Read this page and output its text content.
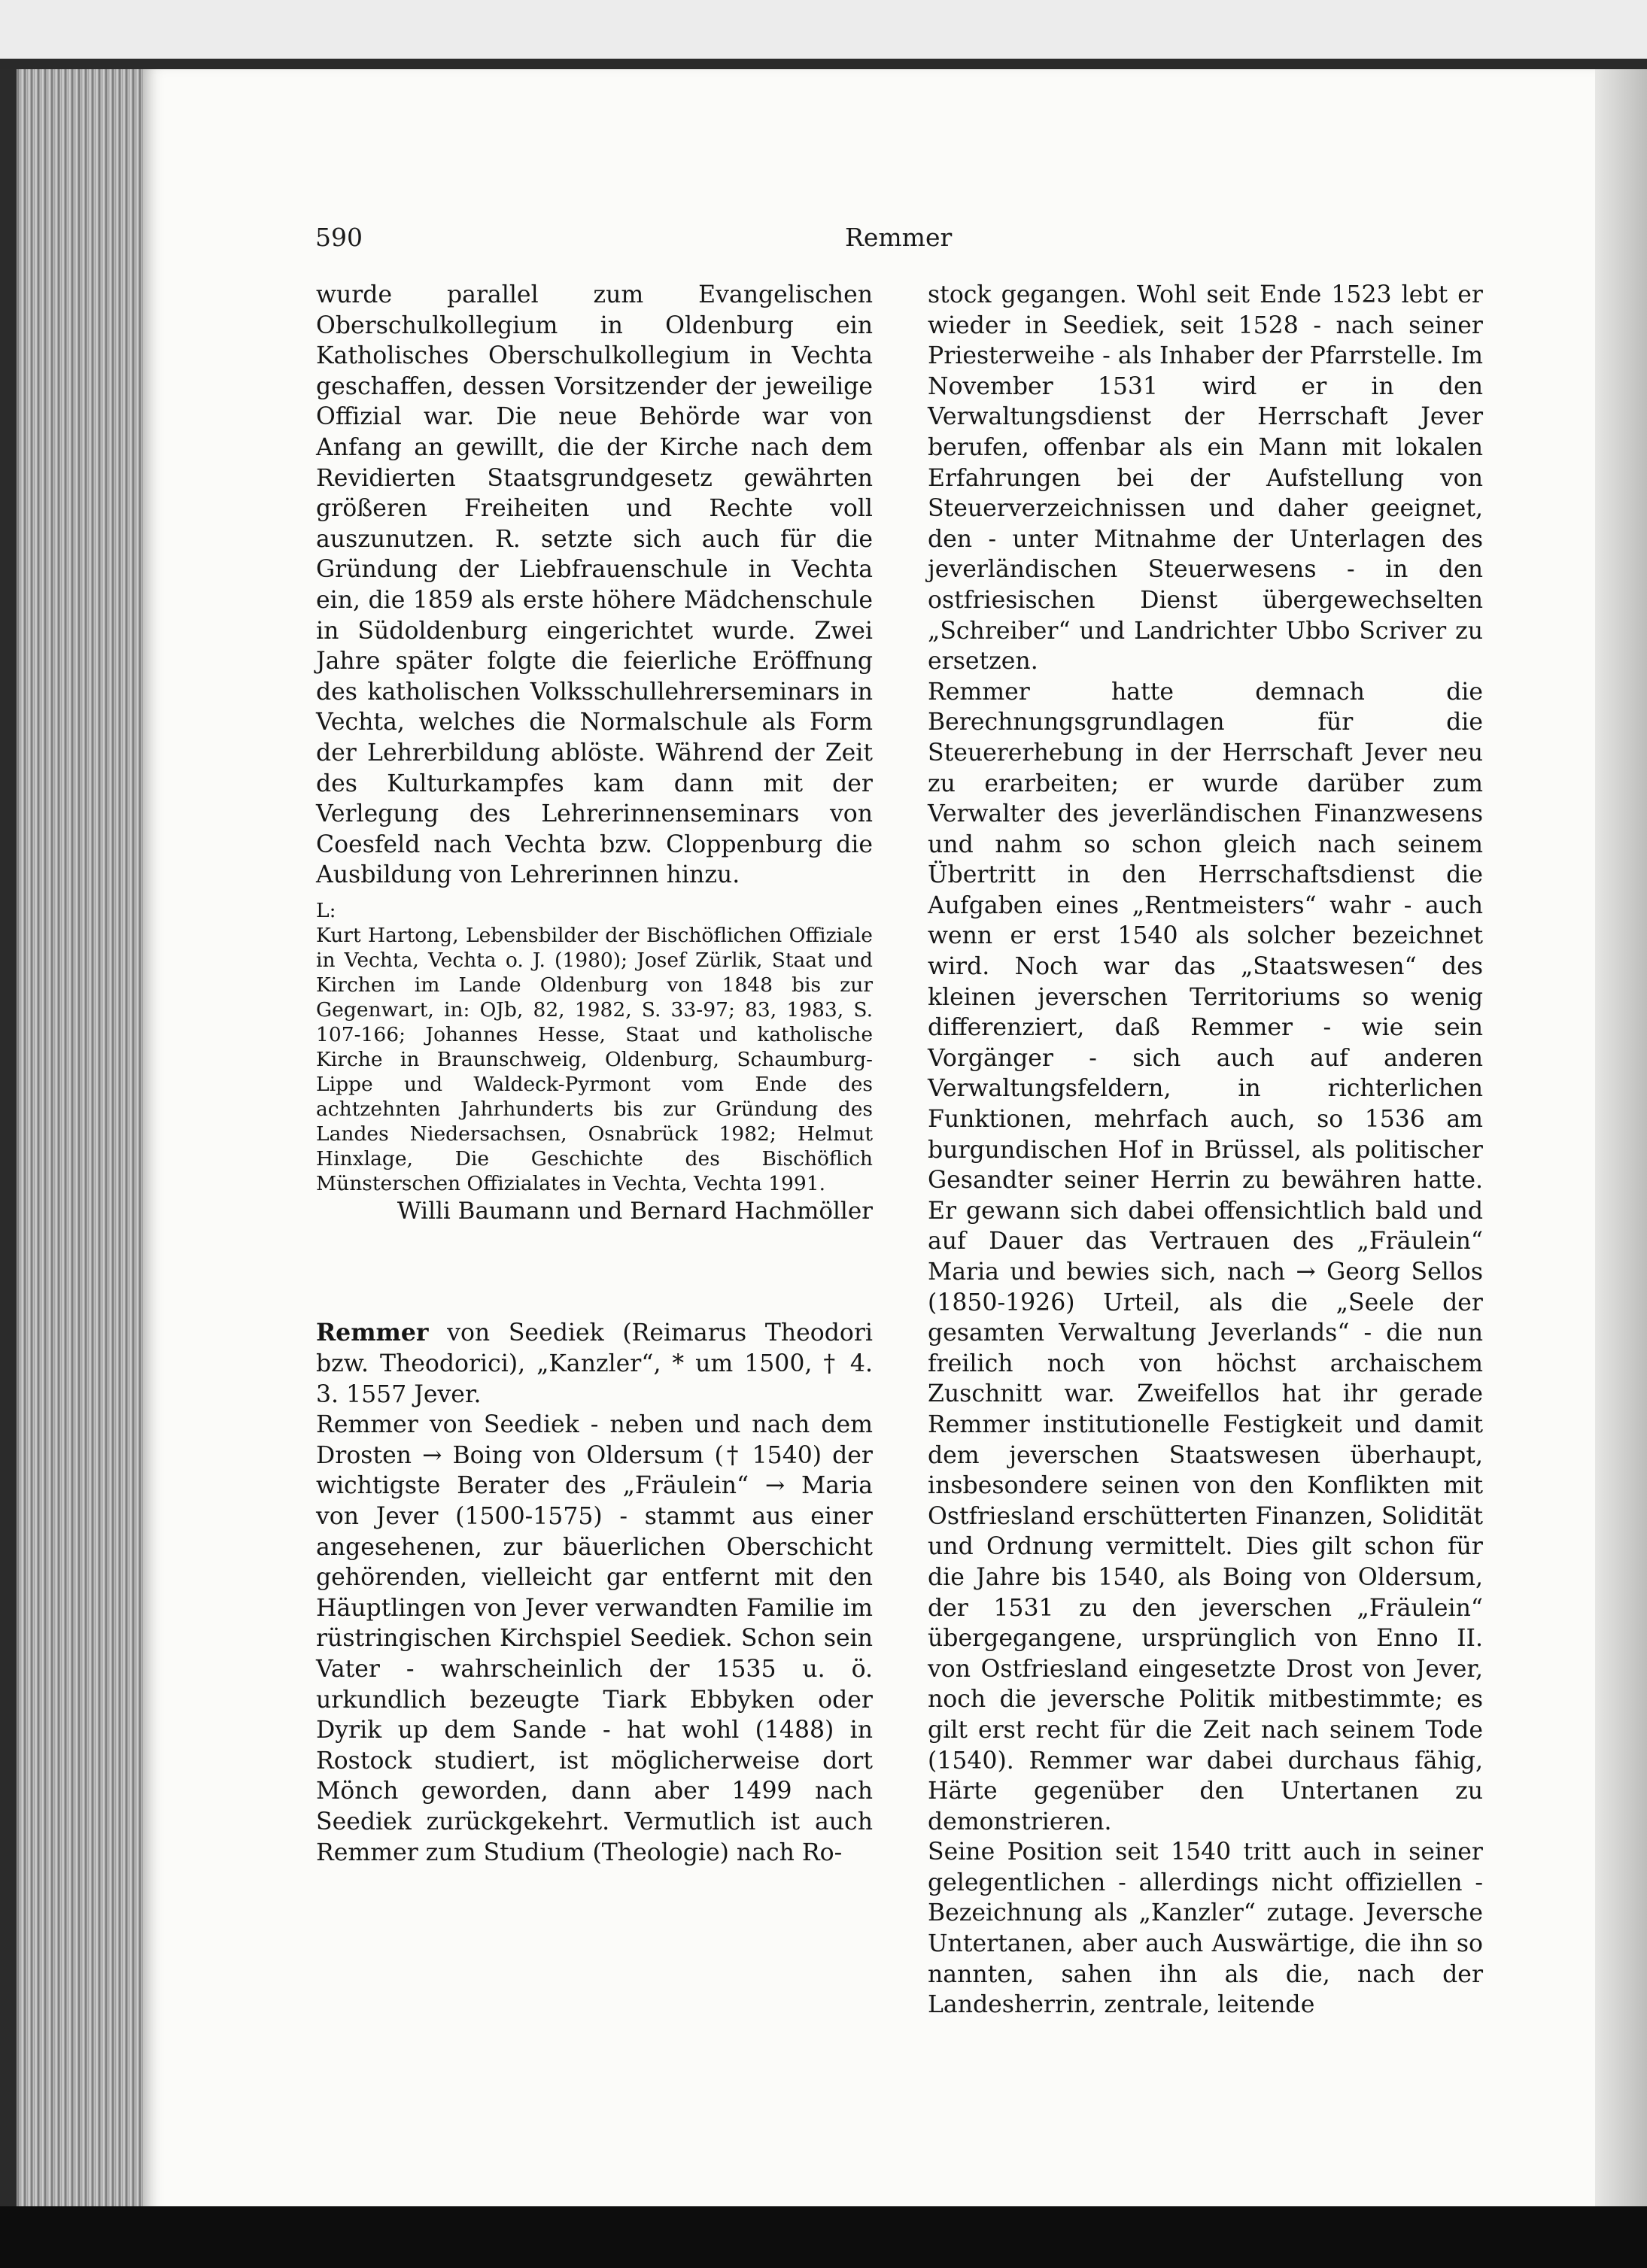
590	Remmer

wurde parallel zum Evangelischen Oberschulkollegium in Oldenburg ein Katholisches Oberschulkollegium in Vechta geschaffen, dessen Vorsitzender der jeweilige Offizial war. Die neue Behörde war von Anfang an gewillt, die der Kirche nach dem Revidierten Staatsgrundgesetz gewährten größeren Freiheiten und Rechte voll auszunutzen. R. setzte sich auch für die Gründung der Liebfrauenschule in Vechta ein, die 1859 als erste höhere Mädchenschule in Südoldenburg eingerichtet wurde. Zwei Jahre später folgte die feierliche Eröffnung des katholischen Volksschullehrerseminars in Vechta, welches die Normalschule als Form der Lehrerbildung ablöste. Während der Zeit des Kulturkampfes kam dann mit der Verlegung des Lehrerinnenseminars von Coesfeld nach Vechta bzw. Cloppenburg die Ausbildung von Lehrerinnen hinzu.

L:

Kurt Hartong, Lebensbilder der Bischöflichen Offiziale in Vechta, Vechta o. J. (1980); Josef Zürlik, Staat und Kirchen im Lande Oldenburg von 1848 bis zur Gegenwart, in: OJb, 82, 1982, S. 33-97; 83, 1983, S. 107-166; Johannes Hesse, Staat und katholische Kirche in Braunschweig, Oldenburg, Schaumburg-Lippe und Waldeck-Pyrmont vom Ende des achtzehnten Jahrhunderts bis zur Gründung des Landes Niedersachsen, Osnabrück 1982; Helmut Hinxlage, Die Geschichte des Bischöflich Münsterschen Offizialates in Vechta, Vechta 1991.

Willi Baumann und Bernard Hachmöller

Remmer von Seediek (Reimarus Theodori bzw. Theodorici), „Kanzler“, * um 1500, † 4. 3. 1557 Jever.

Remmer von Seediek - neben und nach dem Drosten → Boing von Oldersum († 1540) der wichtigste Berater des „Fräulein“ → Maria von Jever (1500-1575) - stammt aus einer angesehenen, zur bäuerlichen Oberschicht gehörenden, vielleicht gar entfernt mit den Häuptlingen von Jever verwandten Familie im rüstringischen Kirchspiel Seediek. Schon sein Vater - wahrscheinlich der 1535 u. ö. urkundlich bezeugte Tiark Ebbyken oder Dyrik up dem Sande - hat wohl (1488) in Rostock studiert, ist möglicherweise dort Mönch geworden, dann aber 1499 nach Seediek zurückgekehrt. Vermutlich ist auch Remmer zum Studium (Theologie) nach Ro-

stock gegangen. Wohl seit Ende 1523 lebt er wieder in Seediek, seit 1528 - nach seiner Priesterweihe - als Inhaber der Pfarrstelle. Im November 1531 wird er in den Verwaltungsdienst der Herrschaft Jever berufen, offenbar als ein Mann mit lokalen Erfahrungen bei der Aufstellung von Steuerverzeichnissen und daher geeignet, den - unter Mitnahme der Unterlagen des jeverländischen Steuerwesens - in den ostfriesischen Dienst übergewechselten „Schreiber“ und Landrichter Ubbo Scriver zu ersetzen.

Remmer hatte demnach die Berechnungsgrundlagen für die Steuererhebung in der Herrschaft Jever neu zu erarbeiten; er wurde darüber zum Verwalter des jeverländischen Finanzwesens und nahm so schon gleich nach seinem Übertritt in den Herrschaftsdienst die Aufgaben eines „Rentmeisters“ wahr - auch wenn er erst 1540 als solcher bezeichnet wird. Noch war das „Staatswesen“ des kleinen jeverschen Territoriums so wenig differenziert, daß Remmer - wie sein Vorgänger - sich auch auf anderen Verwaltungsfeldern, in richterlichen Funktionen, mehrfach auch, so 1536 am burgundischen Hof in Brüssel, als politischer Gesandter seiner Herrin zu bewähren hatte. Er gewann sich dabei offensichtlich bald und auf Dauer das Vertrauen des „Fräulein“ Maria und bewies sich, nach → Georg Sellos (1850-1926) Urteil, als die „Seele der gesamten Verwaltung Jeverlands“ - die nun freilich noch von höchst archaischem Zuschnitt war. Zweifellos hat ihr gerade Remmer institutionelle Festigkeit und damit dem jeverschen Staatswesen überhaupt, insbesondere seinen von den Konflikten mit Ostfriesland erschütterten Finanzen, Solidität und Ordnung vermittelt. Dies gilt schon für die Jahre bis 1540, als Boing von Oldersum, der 1531 zu den jeverschen „Fräulein“ übergegangene, ursprünglich von Enno II. von Ostfriesland eingesetzte Drost von Jever, noch die jeversche Politik mitbestimmte; es gilt erst recht für die Zeit nach seinem Tode (1540). Remmer war dabei durchaus fähig, Härte gegenüber den Untertanen zu demonstrieren.

Seine Position seit 1540 tritt auch in seiner gelegentlichen - allerdings nicht offiziellen - Bezeichnung als „Kanzler“ zutage. Jeversche Untertanen, aber auch Auswärtige, die ihn so nannten, sahen ihn als die, nach der Landesherrin, zentrale, leitende
